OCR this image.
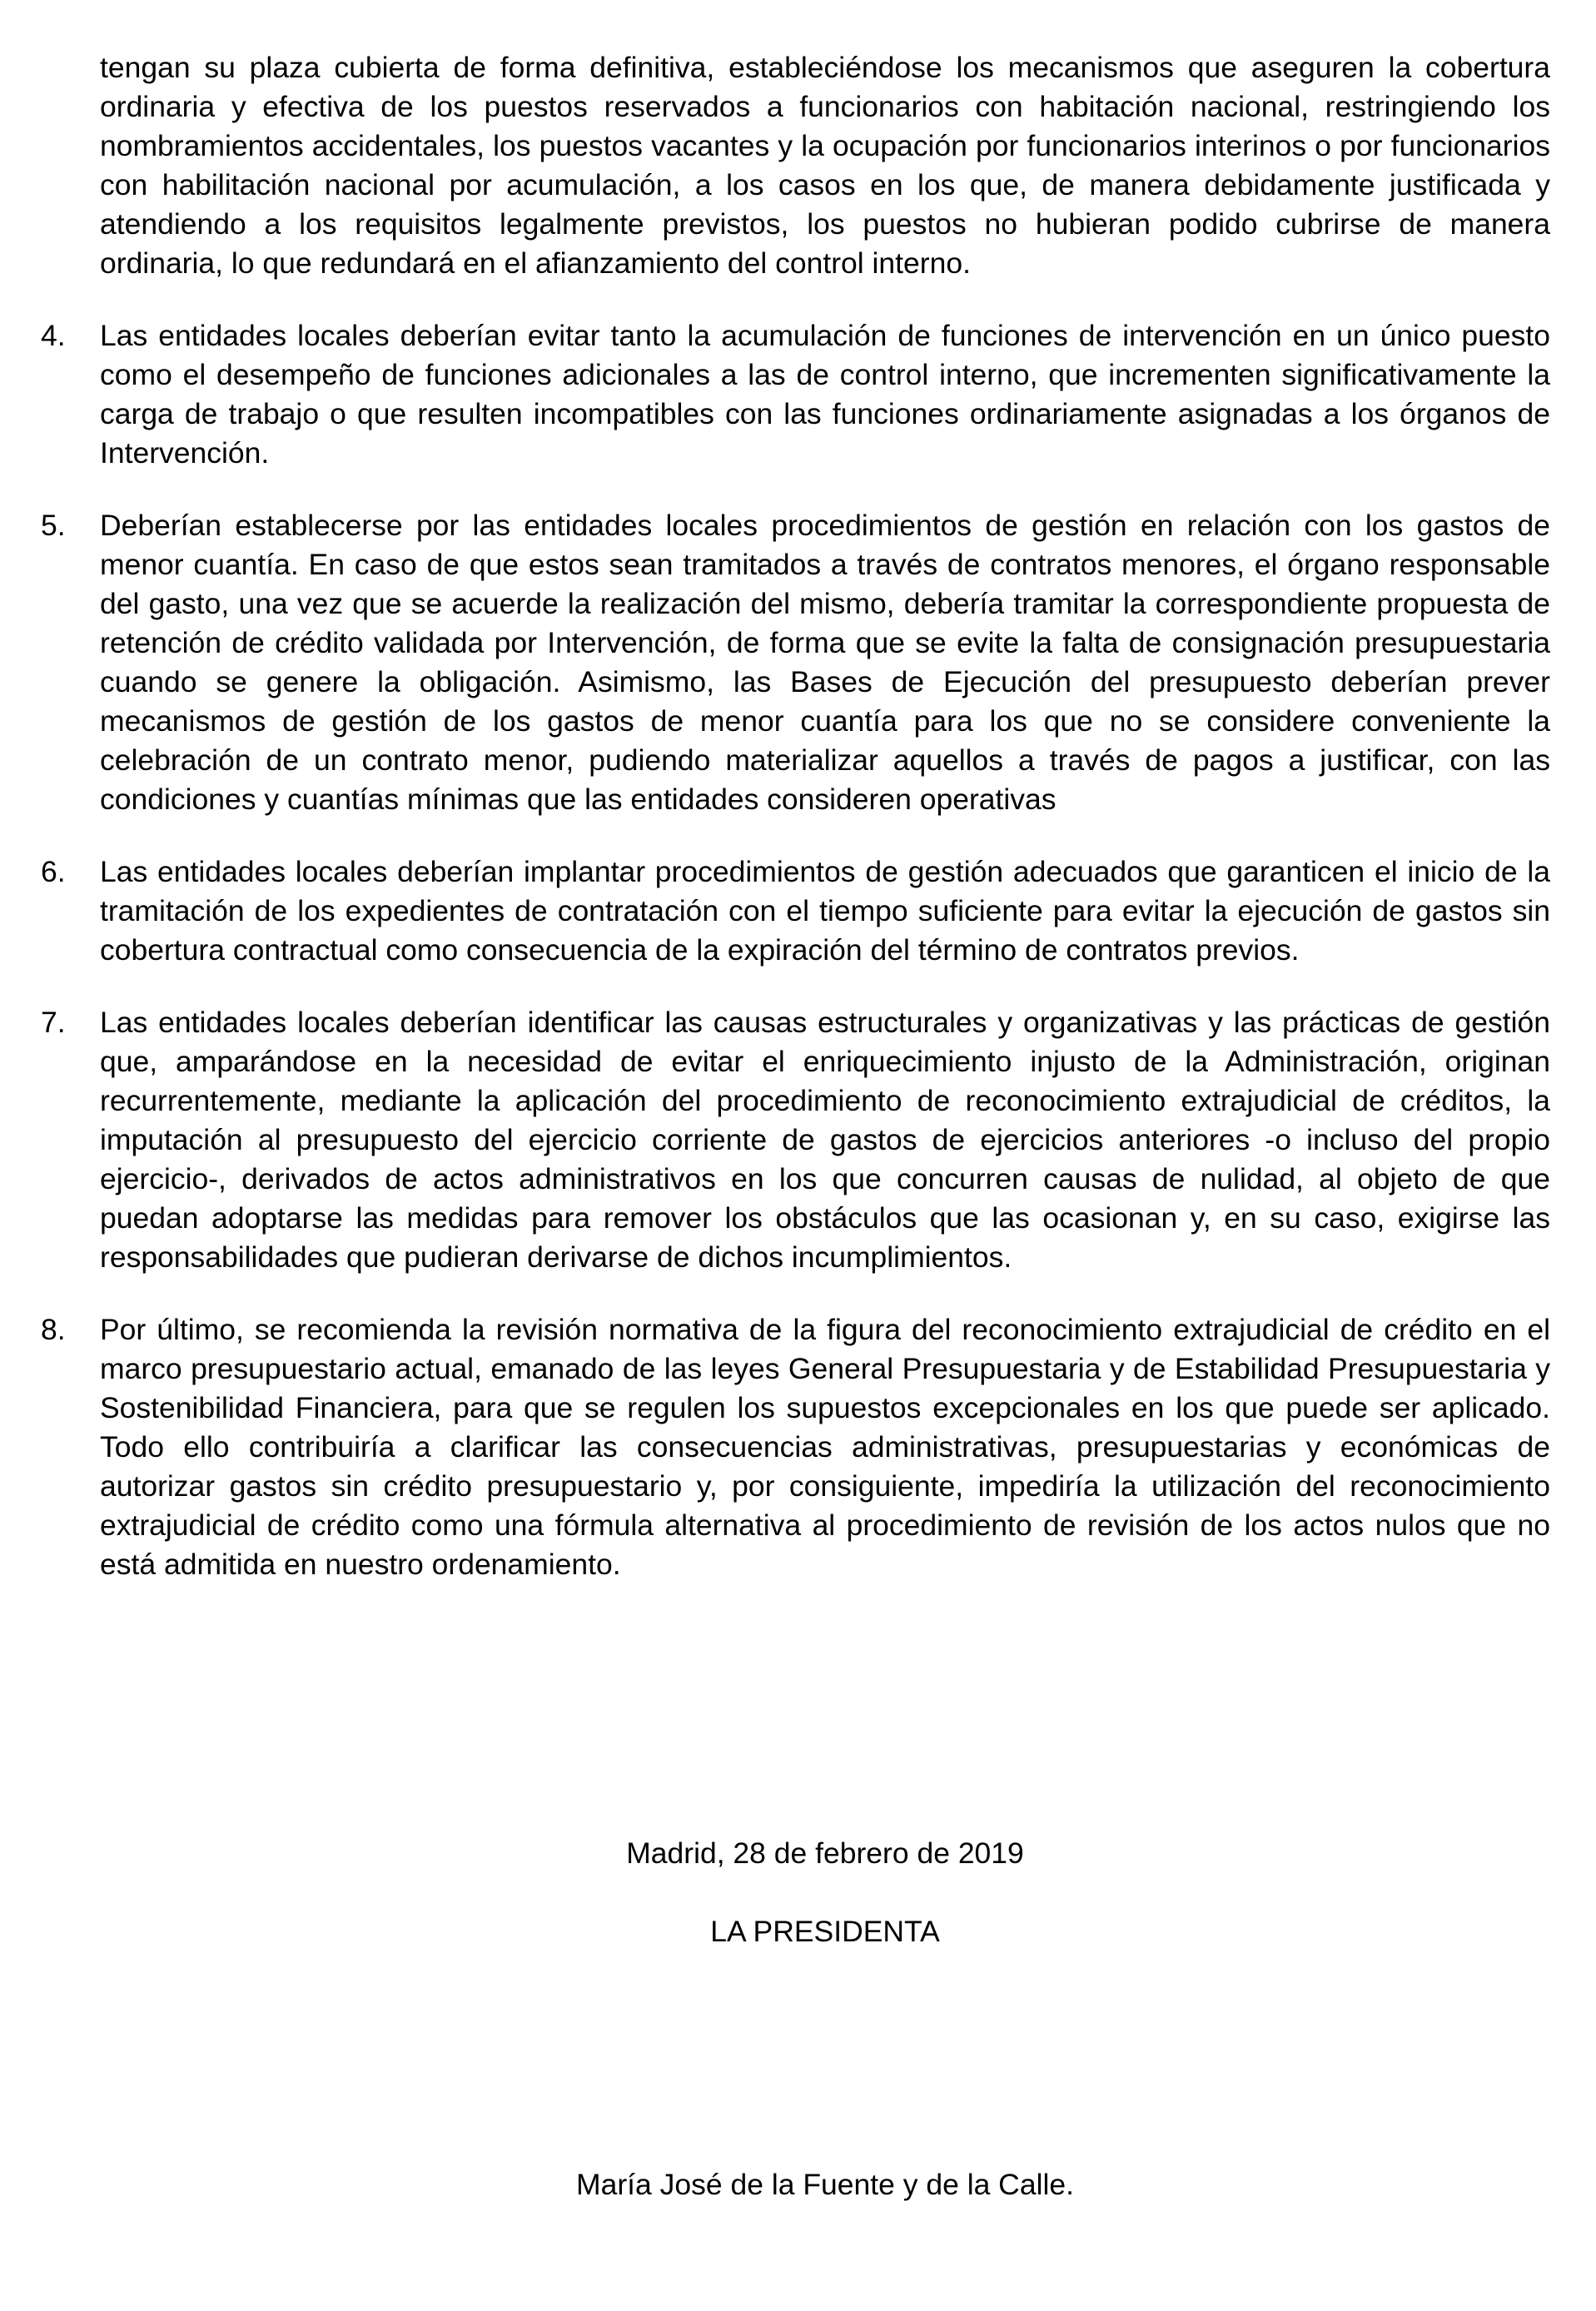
tengan su plaza cubierta de forma definitiva, estableciéndose los mecanismos que aseguren la cobertura ordinaria y efectiva de los puestos reservados a funcionarios con habitación nacional, restringiendo los nombramientos accidentales, los puestos vacantes y la ocupación por funcionarios interinos o por funcionarios con habilitación nacional por acumulación, a los casos en los que, de manera debidamente justificada y atendiendo a los requisitos legalmente previstos, los puestos no hubieran podido cubrirse de manera ordinaria, lo que redundará en el afianzamiento del control interno.

4. Las entidades locales deberían evitar tanto la acumulación de funciones de intervención en un único puesto como el desempeño de funciones adicionales a las de control interno, que incrementen significativamente la carga de trabajo o que resulten incompatibles con las funciones ordinariamente asignadas a los órganos de Intervención.

5. Deberían establecerse por las entidades locales procedimientos de gestión en relación con los gastos de menor cuantía. En caso de que estos sean tramitados a través de contratos menores, el órgano responsable del gasto, una vez que se acuerde la realización del mismo, debería tramitar la correspondiente propuesta de retención de crédito validada por Intervención, de forma que se evite la falta de consignación presupuestaria cuando se genere la obligación. Asimismo, las Bases de Ejecución del presupuesto deberían prever mecanismos de gestión de los gastos de menor cuantía para los que no se considere conveniente la celebración de un contrato menor, pudiendo materializar aquellos a través de pagos a justificar, con las condiciones y cuantías mínimas que las entidades consideren operativas

6. Las entidades locales deberían implantar procedimientos de gestión adecuados que garanticen el inicio de la tramitación de los expedientes de contratación con el tiempo suficiente para evitar la ejecución de gastos sin cobertura contractual como consecuencia de la expiración del término de contratos previos.

7. Las entidades locales deberían identificar las causas estructurales y organizativas y las prácticas de gestión que, amparándose en la necesidad de evitar el enriquecimiento injusto de la Administración, originan recurrentemente, mediante la aplicación del procedimiento de reconocimiento extrajudicial de créditos, la imputación al presupuesto del ejercicio corriente de gastos de ejercicios anteriores -o incluso del propio ejercicio-, derivados de actos administrativos en los que concurren causas de nulidad, al objeto de que puedan adoptarse las medidas para remover los obstáculos que las ocasionan y, en su caso, exigirse las responsabilidades que pudieran derivarse de dichos incumplimientos.

8. Por último, se recomienda la revisión normativa de la figura del reconocimiento extrajudicial de crédito en el marco presupuestario actual, emanado de las leyes General Presupuestaria y de Estabilidad Presupuestaria y Sostenibilidad Financiera, para que se regulen los supuestos excepcionales en los que puede ser aplicado. Todo ello contribuiría a clarificar las consecuencias administrativas, presupuestarias y económicas de autorizar gastos sin crédito presupuestario y, por consiguiente, impediría la utilización del reconocimiento extrajudicial de crédito como una fórmula alternativa al procedimiento de revisión de los actos nulos que no está admitida en nuestro ordenamiento.

Madrid, 28 de febrero de 2019

LA PRESIDENTA

María José de la Fuente y de la Calle.
